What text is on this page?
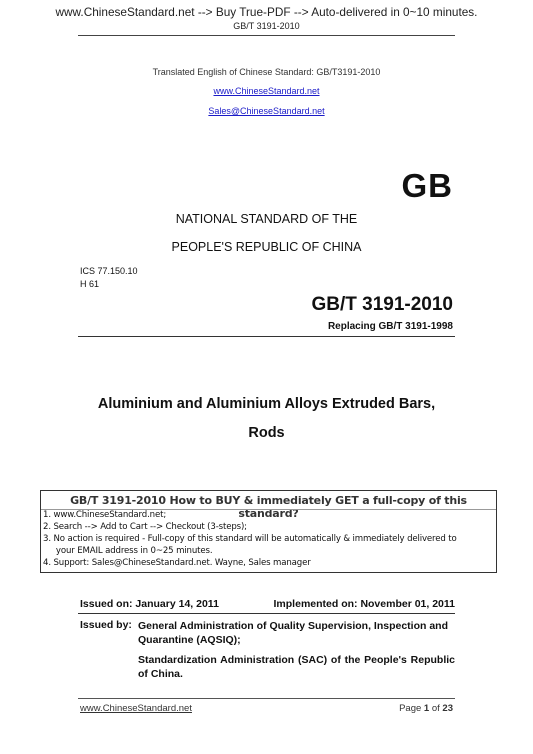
www.ChineseStandard.net --> Buy True-PDF --> Auto-delivered in 0~10 minutes.
GB/T 3191-2010
Translated English of Chinese Standard: GB/T3191-2010
www.ChineseStandard.net
Sales@ChineseStandard.net
GB
NATIONAL STANDARD OF THE
PEOPLE'S REPUBLIC OF CHINA
ICS 77.150.10
H 61
GB/T 3191-2010
Replacing GB/T 3191-1998
Aluminium and Aluminium Alloys Extruded Bars,
Rods
GB/T 3191-2010 How to BUY & immediately GET a full-copy of this standard?
1. www.ChineseStandard.net;
2. Search --> Add to Cart --> Checkout (3-steps);
3. No action is required - Full-copy of this standard will be automatically & immediately delivered to
your EMAIL address in 0~25 minutes.
4. Support: Sales@ChineseStandard.net. Wayne, Sales manager
Issued on: January 14, 2011	Implemented on: November 01, 2011
Issued by: General Administration of Quality Supervision, Inspection and Quarantine (AQSIQ);
Standardization Administration (SAC) of the People's Republic of China.
www.ChineseStandard.net	Page 1 of 23
